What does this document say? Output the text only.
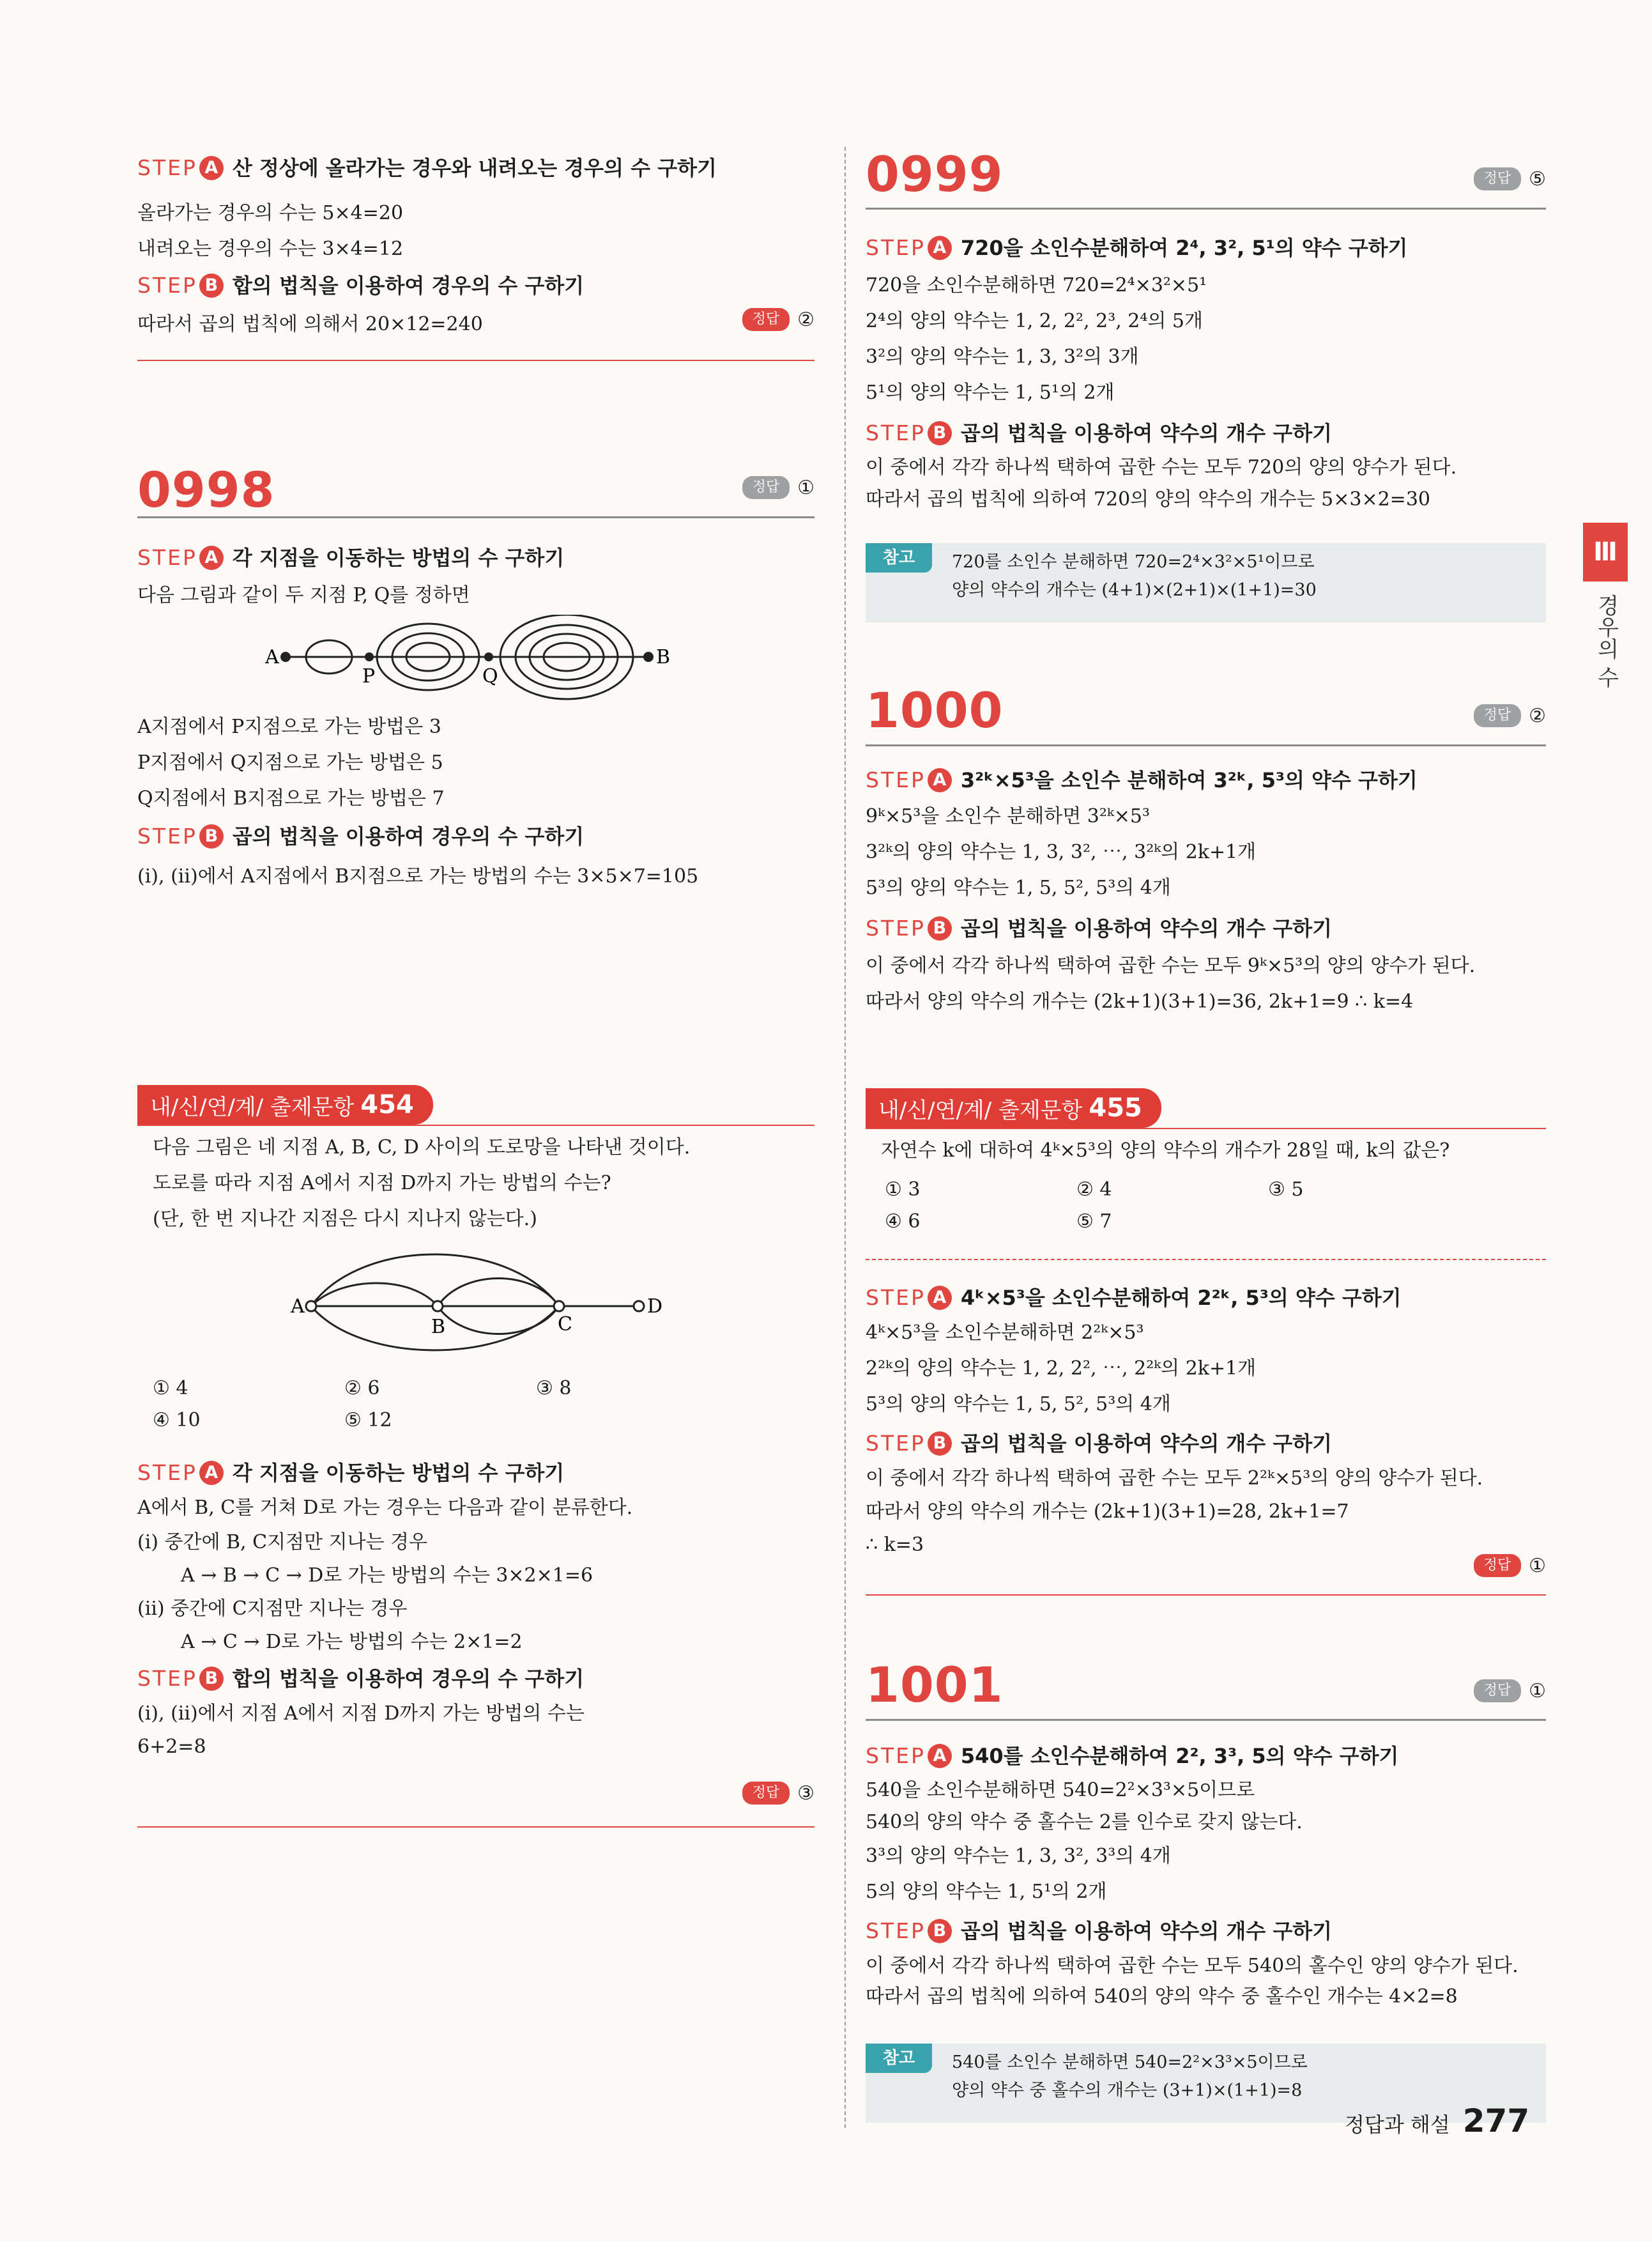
Ⅲ
경우의 수
STEP A 산 정상에 올라가는 경우와 내려오는 경우의 수 구하기
올라가는 경우의 수는 5×4=20
내려오는 경우의 수는 3×4=12
STEP B 합의 법칙을 이용하여 경우의 수 구하기
따라서 곱의 법칙에 의해서 20×12=240	정답 ②
0998	정답 ①
STEP A 각 지점을 이동하는 방법의 수 구하기
다음 그림과 같이 두 지점 P, Q를 정하면
A
P	Q
B
A지점에서 P지점으로 가는 방법은 3
P지점에서 Q지점으로 가는 방법은 5
Q지점에서 B지점으로 가는 방법은 7
STEP B 곱의 법칙을 이용하여 경우의 수 구하기
(ⅰ), (ⅱ)에서 A지점에서 B지점으로 가는 방법의 수는 3×5×7=105
내/신/연/계/ 출제문항 454
다음 그림은 네 지점 A, B, C, D 사이의 도로망을 나타낸 것이다.
도로를 따라 지점 A에서 지점 D까지 가는 방법의 수는?
(단, 한 번 지나간 지점은 다시 지나지 않는다.)
A
B	C
D
① 4	② 6	③ 8
④ 10	⑤ 12
STEP A 각 지점을 이동하는 방법의 수 구하기
A에서 B, C를 거쳐 D로 가는 경우는 다음과 같이 분류한다.
(ⅰ) 중간에 B, C지점만 지나는 경우
A → B → C → D로 가는 방법의 수는 3×2×1=6
(ⅱ) 중간에 C지점만 지나는 경우
A → C → D로 가는 방법의 수는 2×1=2
STEP B 합의 법칙을 이용하여 경우의 수 구하기
(ⅰ), (ⅱ)에서 지점 A에서 지점 D까지 가는 방법의 수는
6+2=8
정답 ③
0999	정답 ⑤
STEP A 720을 소인수분해하여 2⁴, 3², 5¹의 약수 구하기
720을 소인수분해하면 720=2⁴×3²×5¹
2⁴의 양의 약수는 1, 2, 2², 2³, 2⁴의 5개
3²의 양의 약수는 1, 3, 3²의 3개
5¹의 양의 약수는 1, 5¹의 2개
STEP B 곱의 법칙을 이용하여 약수의 개수 구하기
이 중에서 각각 하나씩 택하여 곱한 수는 모두 720의 양의 양수가 된다.
따라서 곱의 법칙에 의하여 720의 양의 약수의 개수는 5×3×2=30
참고	720를 소인수 분해하면 720=2⁴×3²×5¹이므로
양의 약수의 개수는 (4+1)×(2+1)×(1+1)=30
1000	정답 ②
STEP A 3²ᵏ×5³을 소인수 분해하여 3²ᵏ, 5³의 약수 구하기
9ᵏ×5³을 소인수 분해하면 3²ᵏ×5³
3²ᵏ의 양의 약수는 1, 3, 3², ⋯, 3²ᵏ의 2k+1개
5³의 양의 약수는 1, 5, 5², 5³의 4개
STEP B 곱의 법칙을 이용하여 약수의 개수 구하기
이 중에서 각각 하나씩 택하여 곱한 수는 모두 9ᵏ×5³의 양의 양수가 된다.
따라서 양의 약수의 개수는 (2k+1)(3+1)=36, 2k+1=9 ∴ k=4
내/신/연/계/ 출제문항 455
자연수 k에 대하여 4ᵏ×5³의 양의 약수의 개수가 28일 때, k의 값은?
① 3	② 4	③ 5
④ 6	⑤ 7
STEP A 4ᵏ×5³을 소인수분해하여 2²ᵏ, 5³의 약수 구하기
4ᵏ×5³을 소인수분해하면 2²ᵏ×5³
2²ᵏ의 양의 약수는 1, 2, 2², ⋯, 2²ᵏ의 2k+1개
5³의 양의 약수는 1, 5, 5², 5³의 4개
STEP B 곱의 법칙을 이용하여 약수의 개수 구하기
이 중에서 각각 하나씩 택하여 곱한 수는 모두 2²ᵏ×5³의 양의 양수가 된다.
따라서 양의 약수의 개수는 (2k+1)(3+1)=28, 2k+1=7
∴ k=3
정답 ①
1001	정답 ①
STEP A 540를 소인수분해하여 2², 3³, 5의 약수 구하기
540을 소인수분해하면 540=2²×3³×5이므로
540의 양의 약수 중 홀수는 2를 인수로 갖지 않는다.
3³의 양의 약수는 1, 3, 3², 3³의 4개
5의 양의 약수는 1, 5¹의 2개
STEP B 곱의 법칙을 이용하여 약수의 개수 구하기
이 중에서 각각 하나씩 택하여 곱한 수는 모두 540의 홀수인 양의 양수가 된다.
따라서 곱의 법칙에 의하여 540의 양의 약수 중 홀수인 개수는 4×2=8
참고	540를 소인수 분해하면 540=2²×3³×5이므로
양의 약수 중 홀수의 개수는 (3+1)×(1+1)=8
정답과 해설 277
